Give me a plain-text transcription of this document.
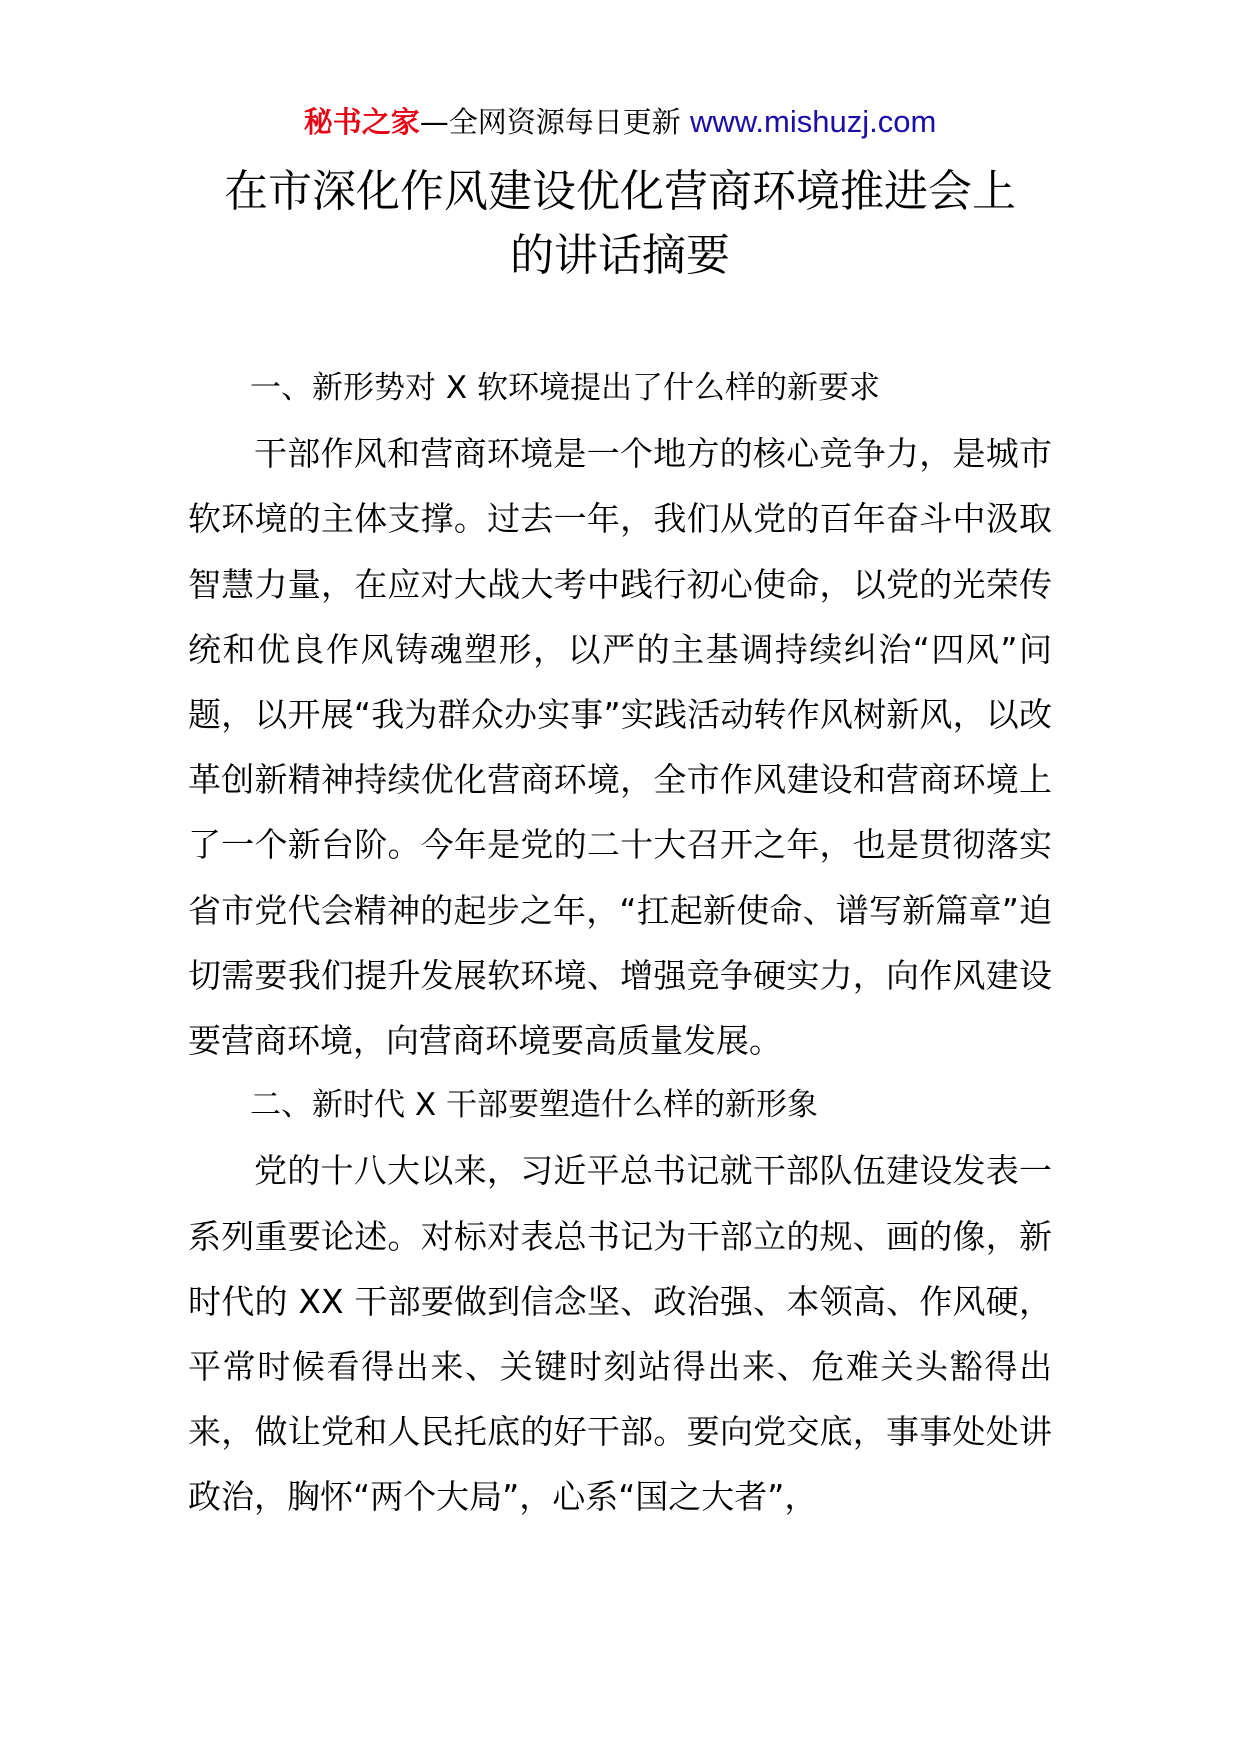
秘书之家—全网资源每日更新 www.mishuzj.com
在市深化作风建设优化营商环境推进会上
的讲话摘要

一、新形势对 X 软环境提出了什么样的新要求

干部作风和营商环境是一个地方的核心竞争力，是城市软环境的主体支撑。过去一年，我们从党的百年奋斗中汲取智慧力量，在应对大战大考中践行初心使命，以党的光荣传统和优良作风铸魂塑形，以严的主基调持续纠治“四风”问题，以开展“我为群众办实事”实践活动转作风树新风，以改革创新精神持续优化营商环境，全市作风建设和营商环境上了一个新台阶。今年是党的二十大召开之年，也是贯彻落实省市党代会精神的起步之年，“扛起新使命、谱写新篇章”迫切需要我们提升发展软环境、增强竞争硬实力，向作风建设要营商环境，向营商环境要高质量发展。

二、新时代 X 干部要塑造什么样的新形象

党的十八大以来，习近平总书记就干部队伍建设发表一系列重要论述。对标对表总书记为干部立的规、画的像，新时代的 XX 干部要做到信念坚、政治强、本领高、作风硬，平常时候看得出来、关键时刻站得出来、危难关头豁得出来，做让党和人民托底的好干部。要向党交底，事事处处讲政治，胸怀“两个大局”，心系“国之大者”，
